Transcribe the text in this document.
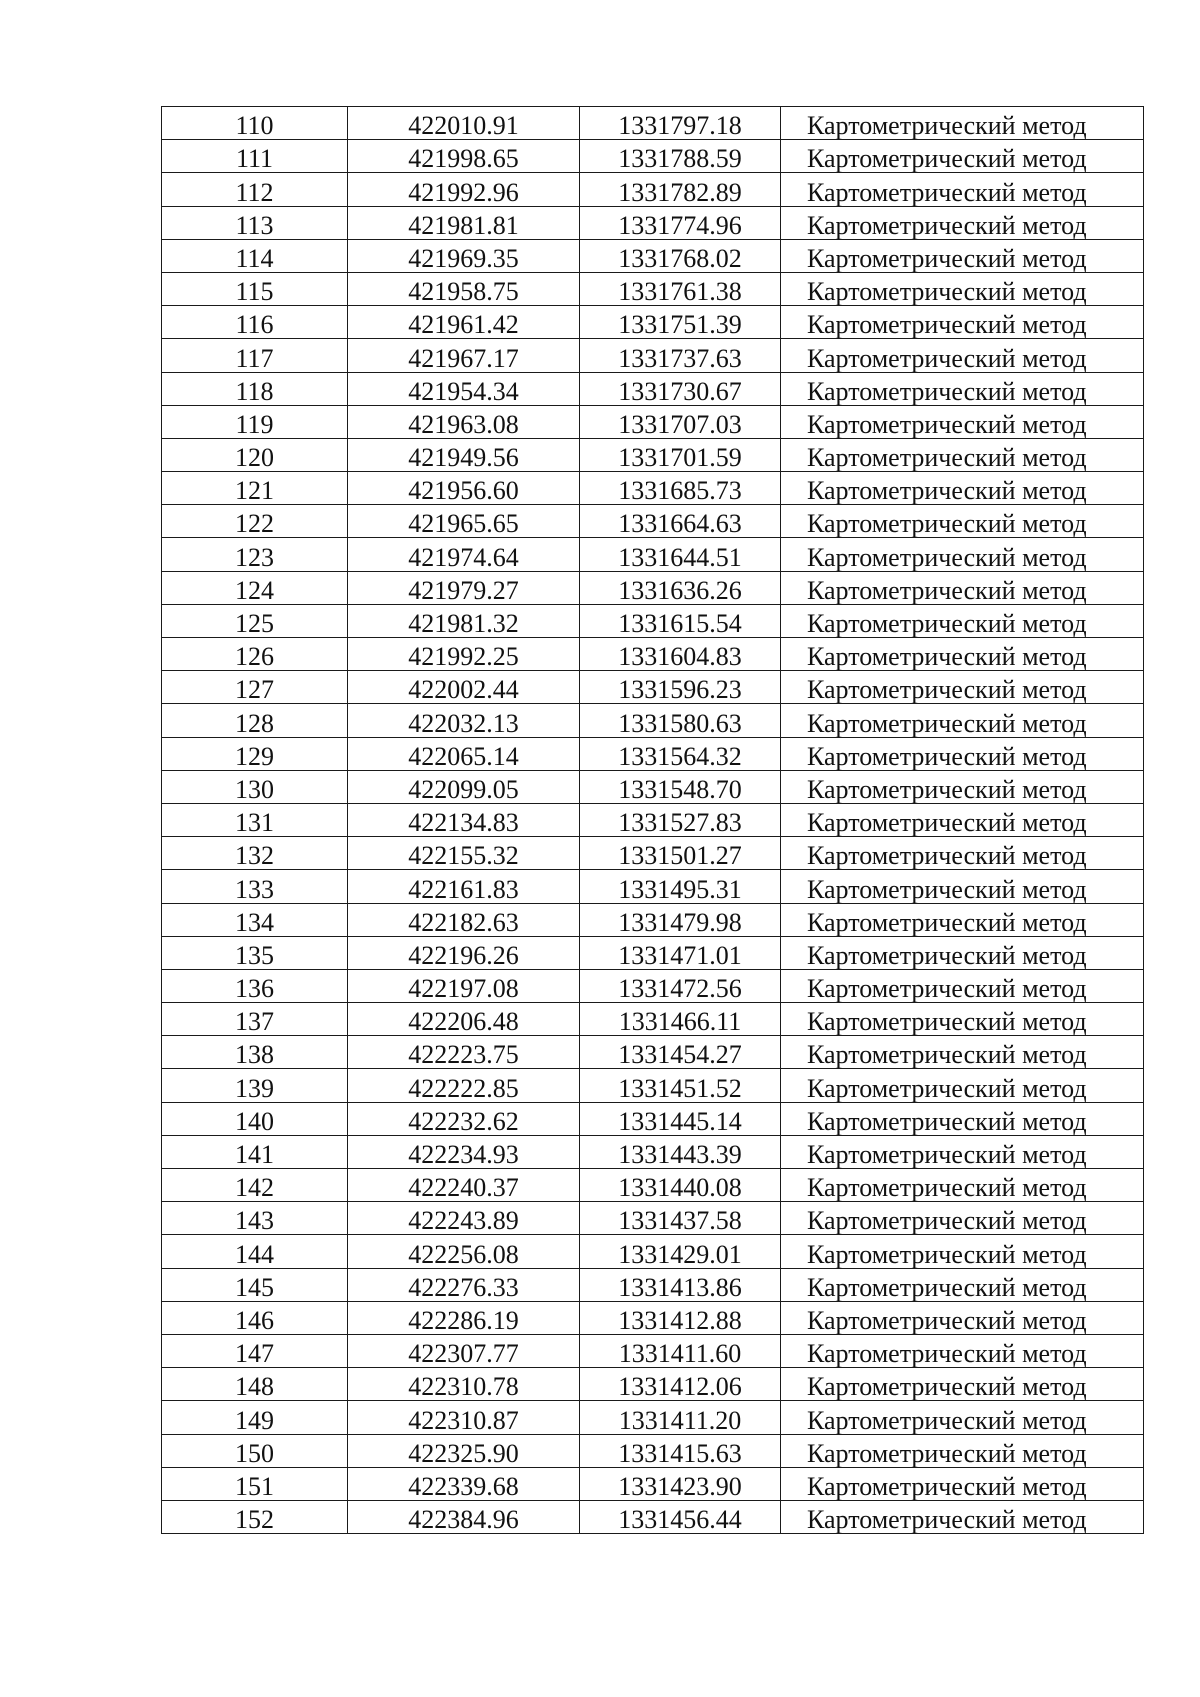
110	422010.91	1331797.18	Картометрический метод
111	421998.65	1331788.59	Картометрический метод
112	421992.96	1331782.89	Картометрический метод
113	421981.81	1331774.96	Картометрический метод
114	421969.35	1331768.02	Картометрический метод
115	421958.75	1331761.38	Картометрический метод
116	421961.42	1331751.39	Картометрический метод
117	421967.17	1331737.63	Картометрический метод
118	421954.34	1331730.67	Картометрический метод
119	421963.08	1331707.03	Картометрический метод
120	421949.56	1331701.59	Картометрический метод
121	421956.60	1331685.73	Картометрический метод
122	421965.65	1331664.63	Картометрический метод
123	421974.64	1331644.51	Картометрический метод
124	421979.27	1331636.26	Картометрический метод
125	421981.32	1331615.54	Картометрический метод
126	421992.25	1331604.83	Картометрический метод
127	422002.44	1331596.23	Картометрический метод
128	422032.13	1331580.63	Картометрический метод
129	422065.14	1331564.32	Картометрический метод
130	422099.05	1331548.70	Картометрический метод
131	422134.83	1331527.83	Картометрический метод
132	422155.32	1331501.27	Картометрический метод
133	422161.83	1331495.31	Картометрический метод
134	422182.63	1331479.98	Картометрический метод
135	422196.26	1331471.01	Картометрический метод
136	422197.08	1331472.56	Картометрический метод
137	422206.48	1331466.11	Картометрический метод
138	422223.75	1331454.27	Картометрический метод
139	422222.85	1331451.52	Картометрический метод
140	422232.62	1331445.14	Картометрический метод
141	422234.93	1331443.39	Картометрический метод
142	422240.37	1331440.08	Картометрический метод
143	422243.89	1331437.58	Картометрический метод
144	422256.08	1331429.01	Картометрический метод
145	422276.33	1331413.86	Картометрический метод
146	422286.19	1331412.88	Картометрический метод
147	422307.77	1331411.60	Картометрический метод
148	422310.78	1331412.06	Картометрический метод
149	422310.87	1331411.20	Картометрический метод
150	422325.90	1331415.63	Картометрический метод
151	422339.68	1331423.90	Картометрический метод
152	422384.96	1331456.44	Картометрический метод
